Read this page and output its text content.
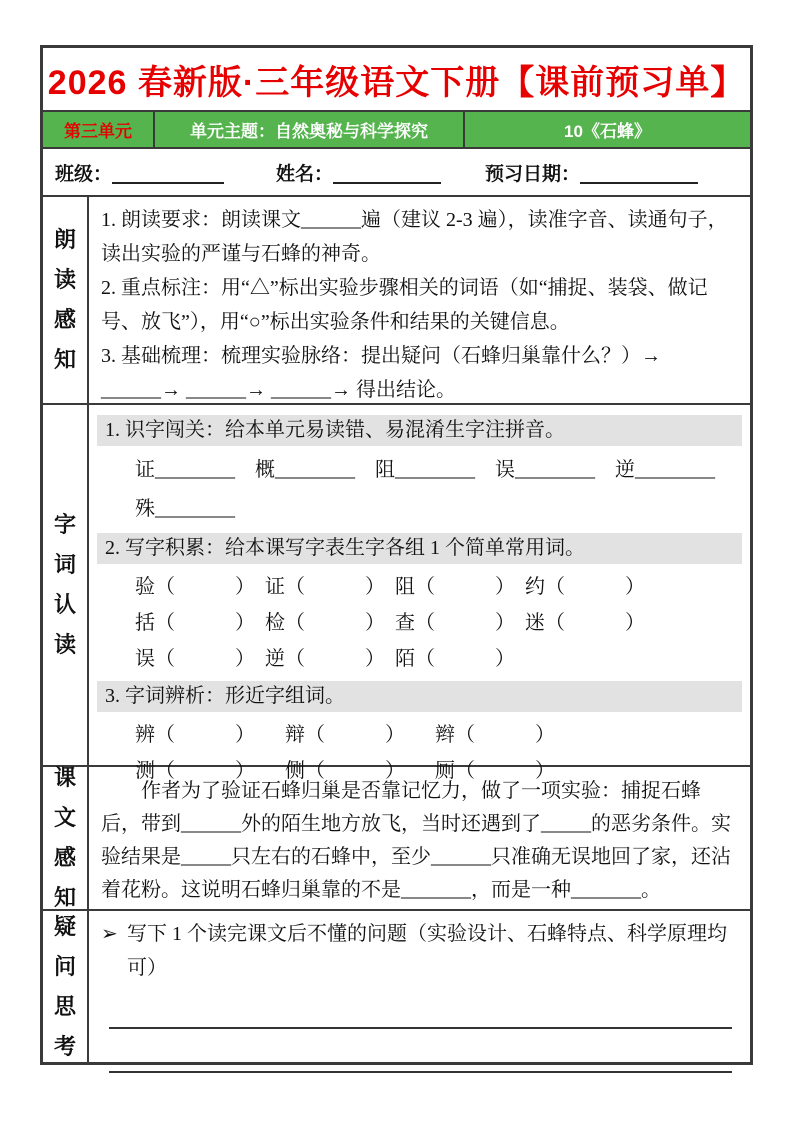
2026 春新版·三年级语文下册【课前预习单】
第三单元	单元主题：自然奥秘与科学探究	10《石蜂》
班级：	姓名：	预习日期：
朗读感知

1. 朗读要求：朗读课文______遍（建议 2-3 遍），读准字音、读通句子，读出实验的严谨与石蜂的神奇。

2. 重点标注：用“△”标出实验步骤相关的词语（如“捕捉、装袋、做记号、放飞”），用“○”标出实验条件和结果的关键信息。

3. 基础梳理：梳理实验脉络：提出疑问（石蜂归巢靠什么？）→ ______→ ______→ ______→ 得出结论。

字词认读
1. 识字闯关：给本单元易读错、易混淆生字注拼音。
证________　概________　阻________　误________　逆________
殊________
2. 写字积累：给本课写字表生字各组 1 个简单常用词。
验（　　　）　证（　　　）　阻（　　　）　约（　　　）
括（　　　）　检（　　　）　查（　　　）　迷（　　　）
误（　　　）　逆（　　　）　陌（　　　）
3. 字词辨析：形近字组词。
辨（　　　）　　辩（　　　）　　辫（　　　）
测（　　　）　　侧（　　　）　　厕（　　　）
课文感知

作者为了验证石蜂归巢是否靠记忆力，做了一项实验：捕捉石蜂后，带到______外的陌生地方放飞，当时还遇到了_____的恶劣条件。实验结果是_____只左右的石蜂中，至少______只准确无误地回了家，还沾着花粉。这说明石蜂归巢靠的不是_______，而是一种_______。

疑问思考
➢ 写下 1 个读完课文后不懂的问题（实验设计、石蜂特点、科学原理均可）
